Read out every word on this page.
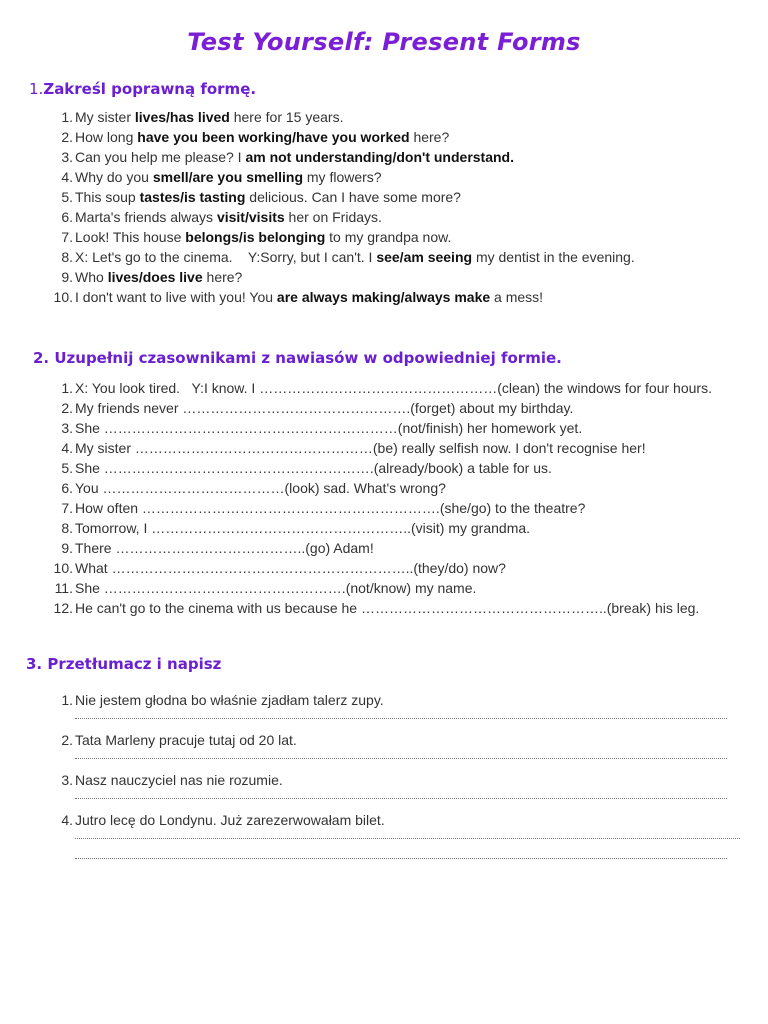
Test Yourself: Present Forms
1.Zakreśl poprawną formę.
1. My sister lives/has lived here for 15 years.
2. How long have you been working/have you worked here?
3. Can you help me please? I am not understanding/don't understand.
4. Why do you smell/are you smelling my flowers?
5. This soup tastes/is tasting delicious. Can I have some more?
6. Marta's friends always visit/visits her on Fridays.
7. Look! This house belongs/is belonging to my grandpa now.
8. X: Let's go to the cinema.    Y:Sorry, but I can't. I see/am seeing my dentist in the evening.
9. Who lives/does live here?
10. I don't want to live with you! You are always making/always make a mess!
2. Uzupełnij czasownikami z nawiasów w odpowiedniej formie.
1. X: You look tired.   Y:I know. I ……………………………………………(clean) the windows for four hours.
2. My friends never ………………………………………….(forget) about my birthday.
3. She ………………………………………………………(not/finish) her homework yet.
4. My sister ……………………………………………(be) really selfish now. I don't recognise her!
5. She ………………………………………………….(already/book) a table for us.
6. You …………………………………(look) sad. What's wrong?
7. How often ……………………………………………………….(she/go) to the theatre?
8. Tomorrow, I ………………………………………………..(visit) my grandma.
9. There …………………………………..(go) Adam!
10. What ………………………………………………………..(they/do) now?
11. She …………………………………………….(not/know) my name.
12. He can't go to the cinema with us because he ……………………………………………..(break) his leg.
3. Przetłumacz i napisz
1. Nie jestem głodna bo właśnie zjadłam talerz zupy.
2. Tata Marleny pracuje tutaj od 20 lat.
3. Nasz nauczyciel nas nie rozumie.
4. Jutro lecę do Londynu. Już zarezerwowałam bilet.
